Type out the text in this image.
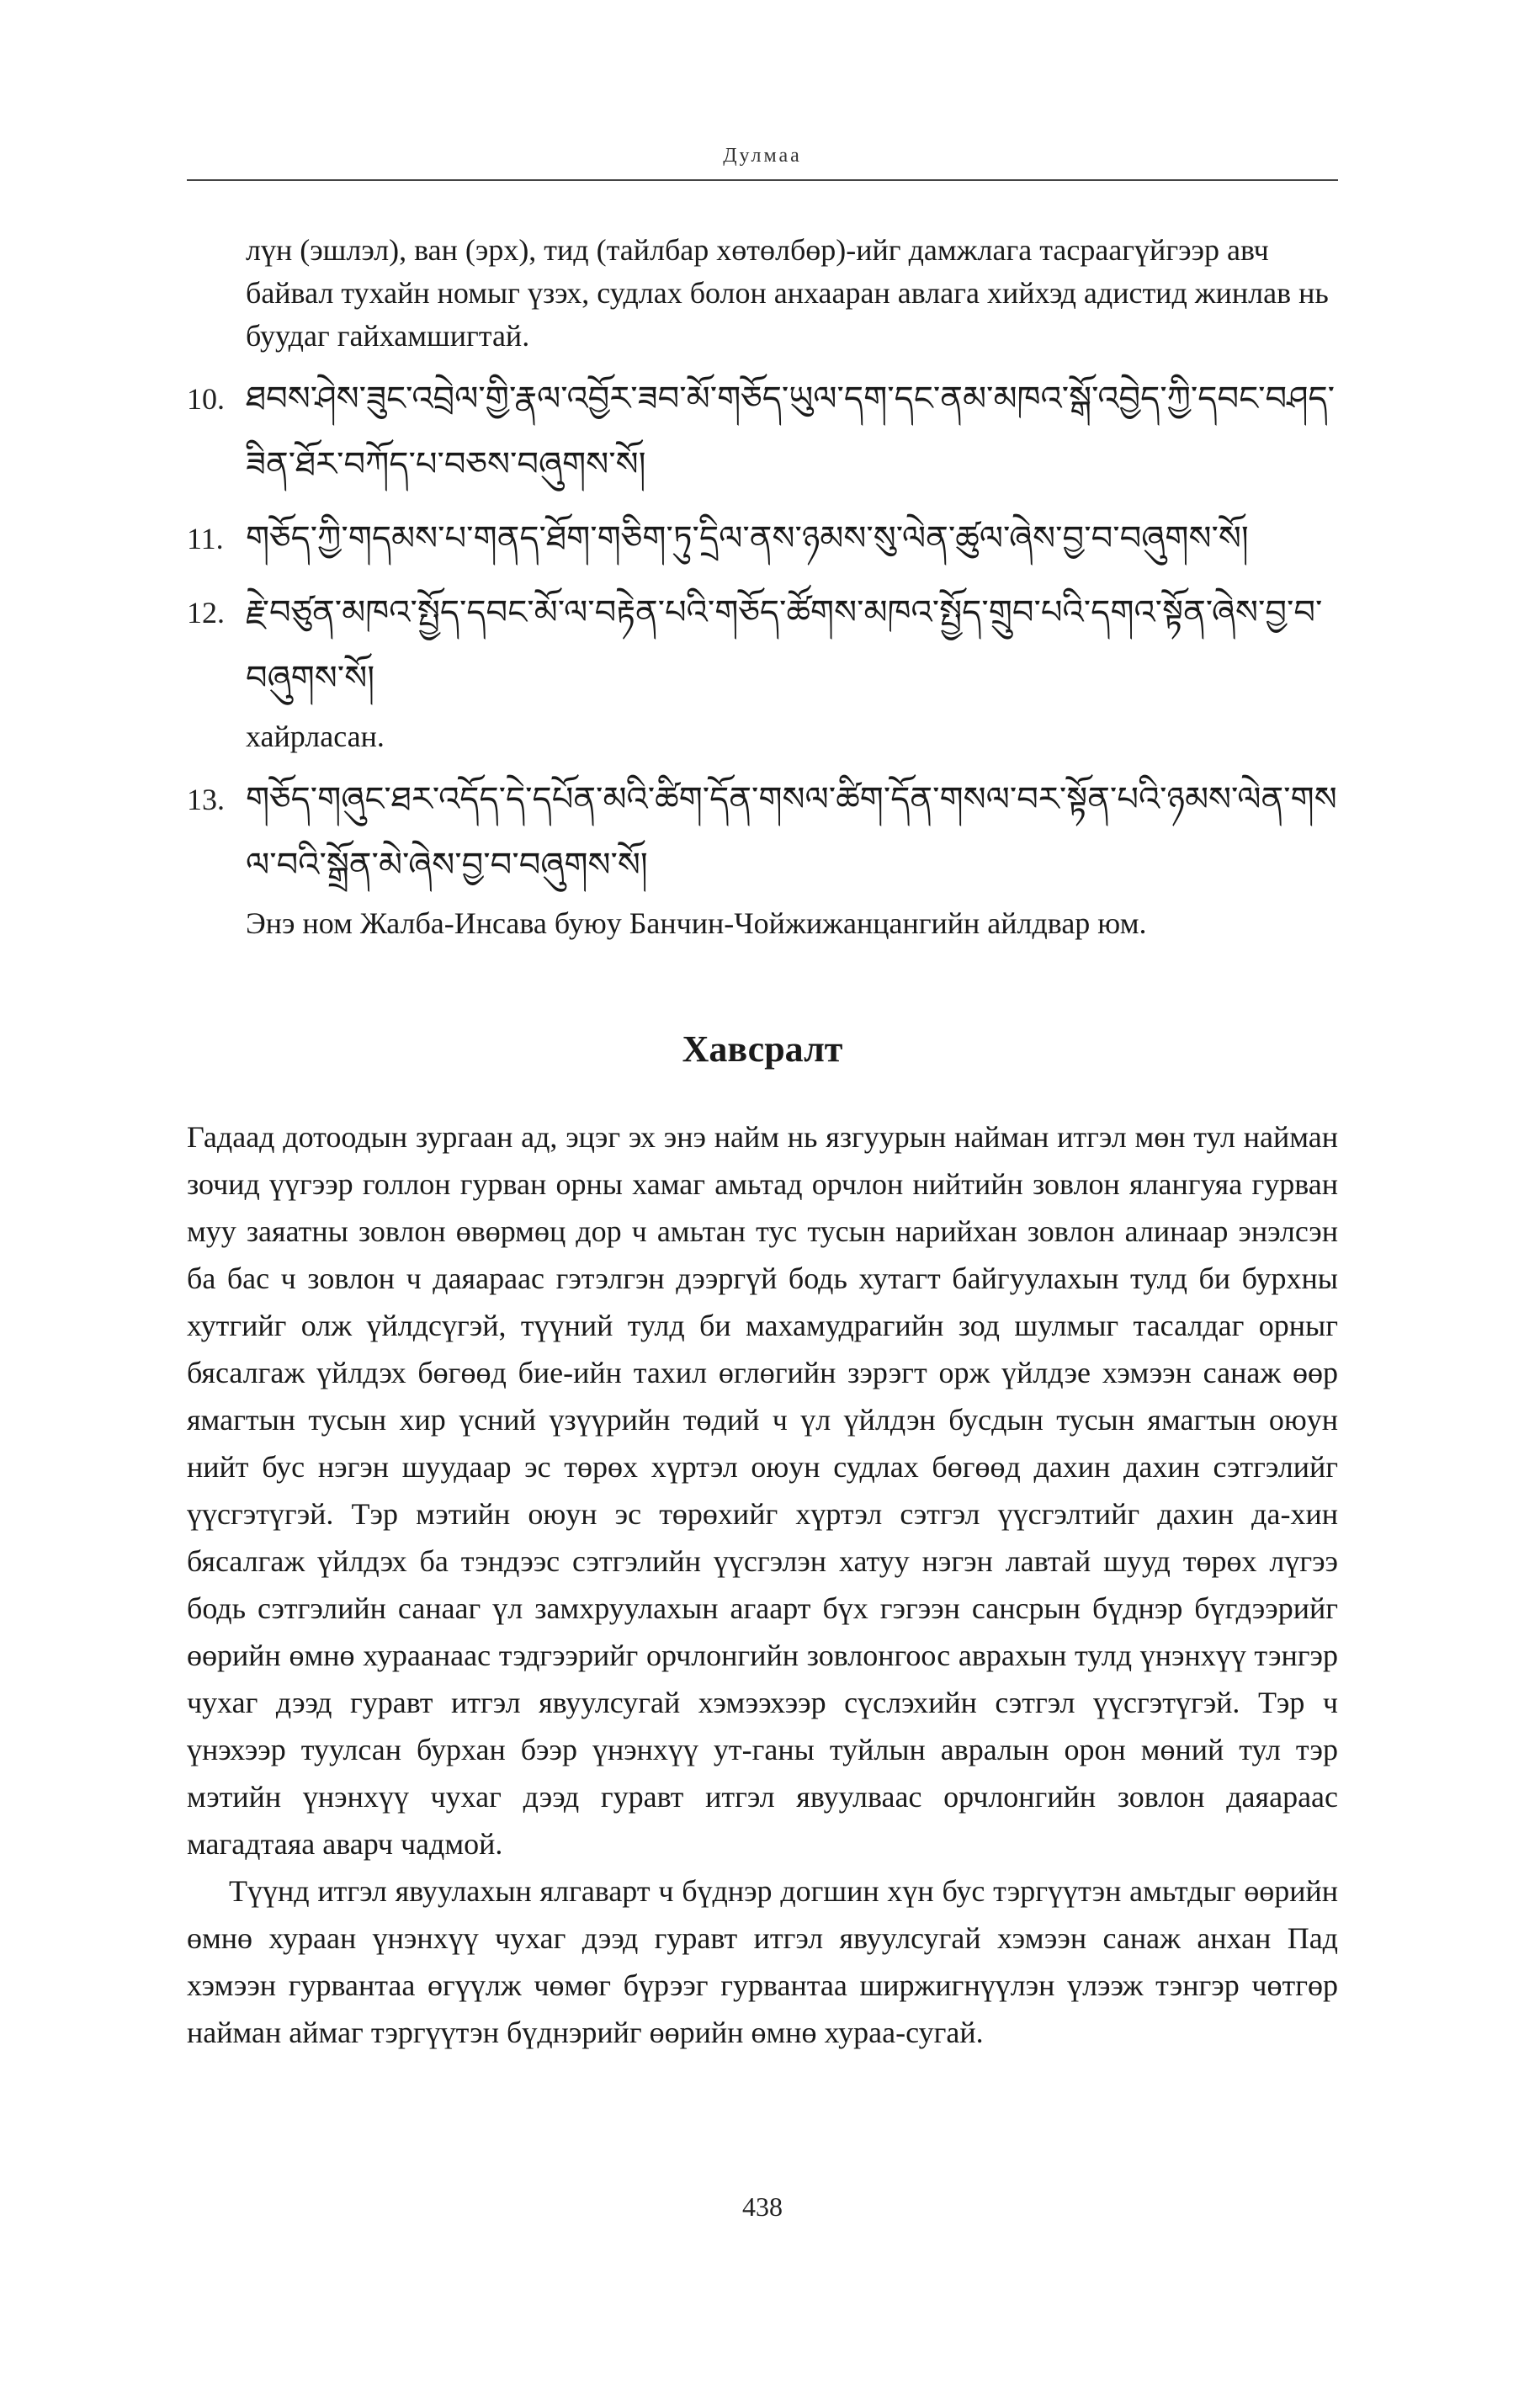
Дулмаа

лүн (эшлэл), ван (эрх), тид (тайлбар хөтөлбөр)-ийг дамжлага тасраагүйгээр авч байвал тухайн номыг үзэх, судлах болон анхааран авлага хийхэд адистид жинлав нь буудаг гайхамшигтай.

10. ཐབས་ཤེས་ཟུང་འབྲེལ་གྱི་རྣལ་འབྱོར་ཟབ་མོ་གཅོད་ཡུལ་དག་དང་ནམ་མཁའ་སྒོ་འབྱེད་ཀྱི་དབང་བཤད་ཟིན་ཐོར་བཀོད་པ་བཅས་བཞུགས་སོ།

11. གཅོད་ཀྱི་གདམས་པ་གནད་ཐོག་གཅིག་ཏུ་དྲིལ་ནས་ཉམས་སུ་ལེན་ཚུལ་ཞེས་བྱ་བ་བཞུགས་སོ།

12. རྗེ་བཙུན་མཁའ་སྤྱོད་དབང་མོ་ལ་བརྟེན་པའི་གཅོད་ཚོགས་མཁའ་སྤྱོད་གྲུབ་པའི་དགའ་སྟོན་ཞེས་བྱ་བ་བཞུགས་སོ།

хайрласан.

13. གཅོད་གཞུང་ཐར་འདོད་དེ་དཔོན་མའི་ཚིག་དོན་གསལ་ཚིག་དོན་གསལ་བར་སྟོན་པའི་ཉམས་ལེན་གསལ་བའི་སྒྲོན་མེ་ཞེས་བྱ་བ་བཞུགས་སོ།

Энэ ном Жалба-Инсава буюу Банчин-Чойжижанцангийн айлдвар юм.

Хавсралт

Гадаад дотоодын зургаан ад, эцэг эх энэ найм нь язгуурын найман итгэл мөн тул найман зочид үүгээр голлон гурван орны хамаг амьтад орчлон нийтийн зовлон ялангуяа гурван муу заяатны зовлон өвөрмөц дор ч амьтан тус тусын нарийхан зовлон алинаар энэлсэн ба бас ч зовлон ч даяараас гэтэлгэн дээргүй бодь хутагт байгуулахын тулд би бурхны хутгийг олж үйлдсүгэй, түүний тулд би махамудрагийн зод шулмыг тасалдаг орныг бясалгаж үйлдэх бөгөөд бие-ийн тахил өглөгийн зэрэгт орж үйлдэе хэмээн санаж өөр ямагтын тусын хир үсний үзүүрийн төдий ч үл үйлдэн бусдын тусын ямагтын оюун нийт бус нэгэн шуудаар эс төрөх хүртэл оюун судлах бөгөөд дахин дахин сэтгэлийг үүсгэтүгэй. Тэр мэтийн оюун эс төрөхийг хүртэл сэтгэл үүсгэлтийг дахин да-хин бясалгаж үйлдэх ба тэндээс сэтгэлийн үүсгэлэн хатуу нэгэн лавтай шууд төрөх лүгээ бодь сэтгэлийн санааг үл замхруулахын агаарт бүх гэгээн сансрын бүднэр бүгдээрийг өөрийн өмнө хураанаас тэдгээрийг орчлонгийн зовлонгоос аврахын тулд үнэнхүү тэнгэр чухаг дээд гуравт итгэл явуулсугай хэмээхээр сүслэхийн сэтгэл үүсгэтүгэй. Тэр ч үнэхээр туулсан бурхан бээр үнэнхүү ут-ганы туйлын авралын орон мөний тул тэр мэтийн үнэнхүү чухаг дээд гуравт итгэл явуулваас орчлонгийн зовлон даяараас магадтаяа аварч чадмой.

Түүнд итгэл явуулахын ялгаварт ч бүднэр догшин хүн бус тэргүүтэн амьтдыг өөрийн өмнө хураан үнэнхүү чухаг дээд гуравт итгэл явуулсугай хэмээн санаж анхан Пад хэмээн гурвантаа өгүүлж чөмөг бүрээг гурвантаа ширжигнүүлэн үлээж тэнгэр чөтгөр найман аймаг тэргүүтэн бүднэрийг өөрийн өмнө хураа-сугай.

438
